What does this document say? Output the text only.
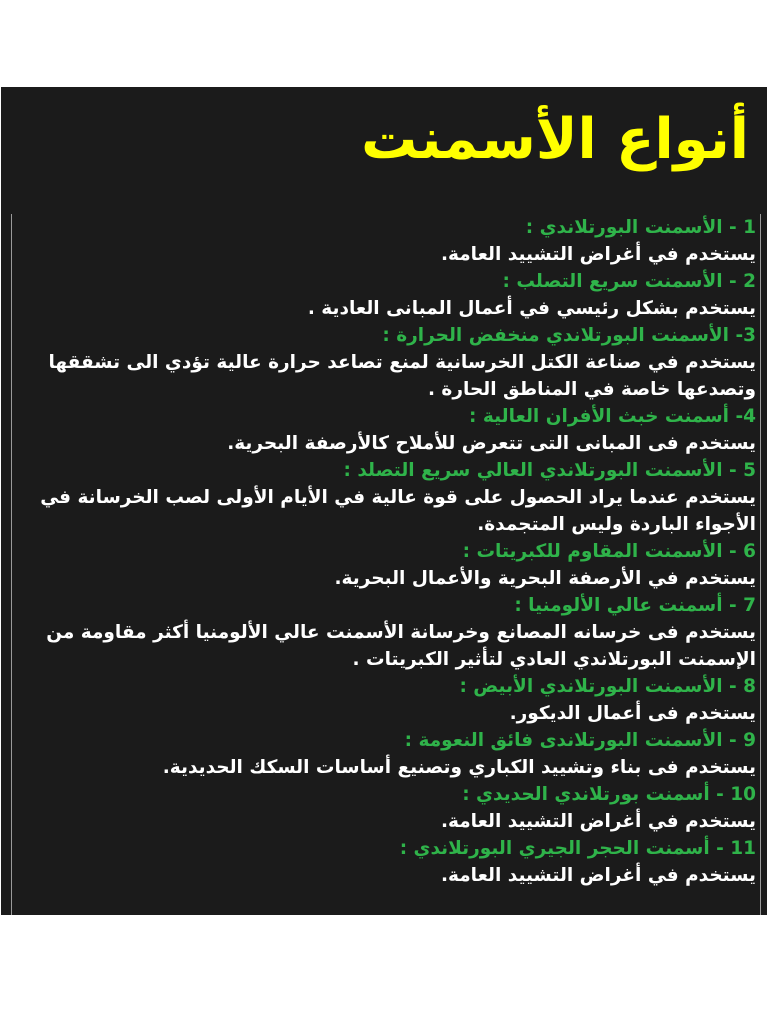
أنواع الأسمنت

1 - الأسمنت البورتلاندي :

يستخدم في أغراض التشييد العامة.

2 - الأسمنت سريع التصلب :

يستخدم بشكل رئيسي في أعمال المبانى العادية .

3- الأسمنت البورتلاندي منخفض الحرارة :

يستخدم في صناعة الكتل الخرسانية لمنع تصاعد حرارة عالية تؤدي الى تشققها وتصدعها خاصة في المناطق الحارة .

4- أسمنت خبث الأفران العالية :

يستخدم فى المبانى التى تتعرض للأملاح كالأرصفة البحرية.

5 - الأسمنت البورتلاندي العالي سريع التصلد :

يستخدم عندما يراد الحصول على قوة عالية في الأيام الأولى لصب الخرسانة في الأجواء الباردة وليس المتجمدة.

6 - الأسمنت المقاوم للكبريتات :

يستخدم في الأرصفة البحرية والأعمال البحرية.

7 - أسمنت عالي الألومنيا :

يستخدم فى خرسانه المصانع وخرسانة الأسمنت عالي الألومنيا أكثر مقاومة من الإسمنت البورتلاندي العادي لتأثير الكبريتات .

8 - الأسمنت البورتلاندي الأبيض :

يستخدم فى أعمال الديكور.

9 - الأسمنت البورتلاندى فائق النعومة :

يستخدم فى بناء وتشييد الكباري وتصنيع أساسات السكك الحديدية.

10 - أسمنت بورتلاندي الحديدي :

يستخدم في أغراض التشييد العامة.

11 - أسمنت الحجر الجيري البورتلاندي :

يستخدم في أغراض التشييد العامة.
